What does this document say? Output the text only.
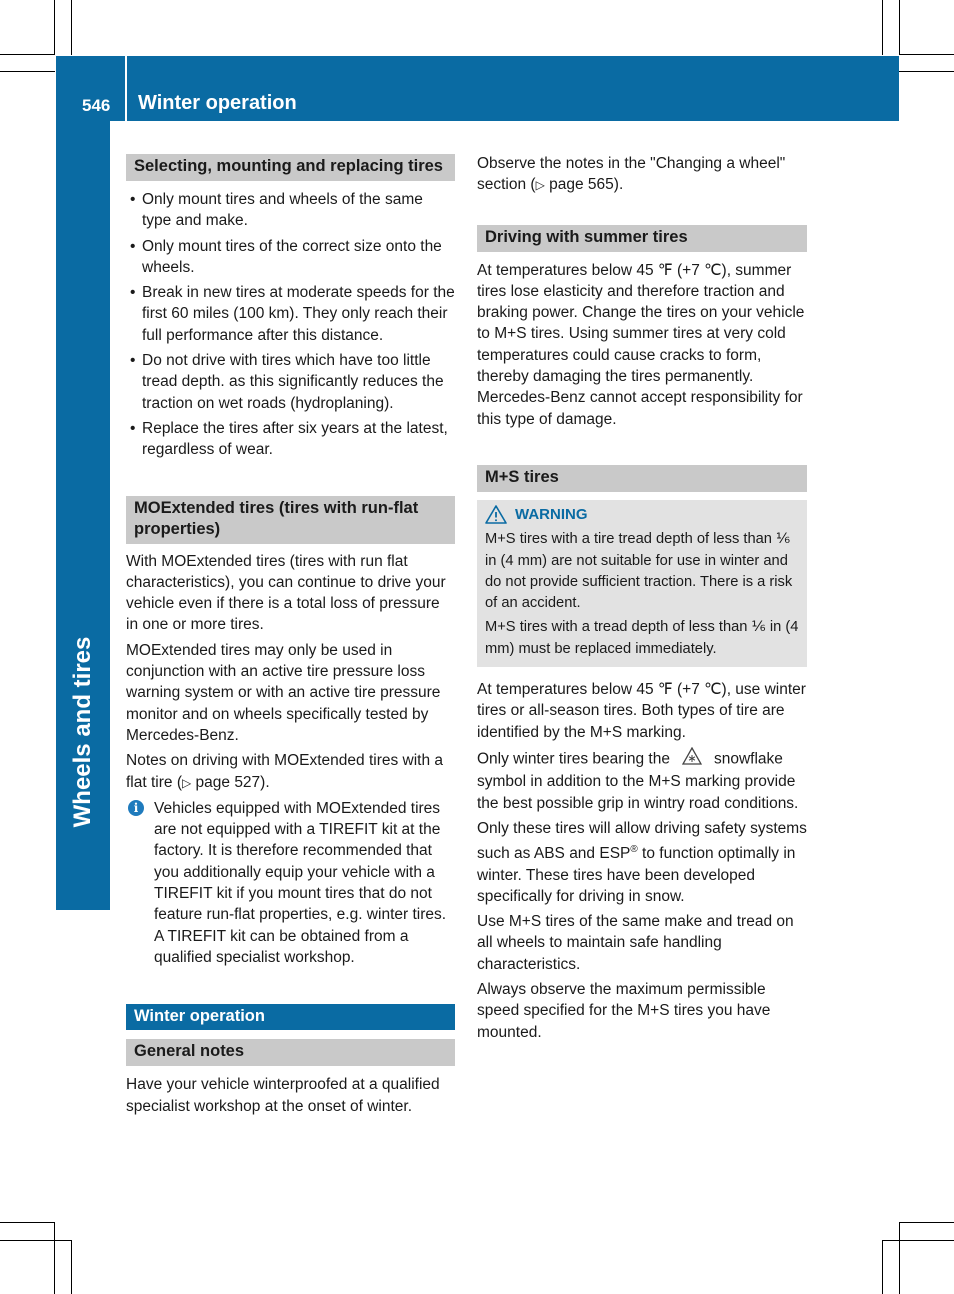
546 Winter operation
Wheels and tires
Selecting, mounting and replacing tires
• Only mount tires and wheels of the same type and make.
• Only mount tires of the correct size onto the wheels.
• Break in new tires at moderate speeds for the first 60 miles (100 km). They only reach their full performance after this distance.
• Do not drive with tires which have too little tread depth. as this significantly reduces the traction on wet roads (hydroplaning).
• Replace the tires after six years at the latest, regardless of wear.
MOExtended tires (tires with run-flat properties)

With MOExtended tires (tires with run flat characteristics), you can continue to drive your vehicle even if there is a total loss of pressure in one or more tires.

MOExtended tires may only be used in conjunction with an active tire pressure loss warning system or with an active tire pressure monitor and on wheels specifically tested by Mercedes-Benz.

Notes on driving with MOExtended tires with a flat tire (▷ page 527).

i	Vehicles equipped with MOExtended tires are not equipped with a TIREFIT kit at the factory. It is therefore recommended that you additionally equip your vehicle with a TIREFIT kit if you mount tires that do not feature run-flat properties, e.g. winter tires. A TIREFIT kit can be obtained from a qualified specialist workshop.
Winter operation
General notes

Have your vehicle winterproofed at a qualified specialist workshop at the onset of winter.

Observe the notes in the "Changing a wheel" section (▷ page 565).

Driving with summer tires

At temperatures below 45 ℉ (+7 ℃), summer tires lose elasticity and therefore traction and braking power. Change the tires on your vehicle to M+S tires. Using summer tires at very cold temperatures could cause cracks to form, thereby damaging the tires permanently. Mercedes-Benz cannot accept responsibility for this type of damage.

M+S tires
WARNING

M+S tires with a tire tread depth of less than ⅙ in (4 mm) are not suitable for use in winter and do not provide sufficient traction. There is a risk of an accident.

M+S tires with a tread depth of less than ⅙ in (4 mm) must be replaced immediately.

At temperatures below 45 ℉ (+7 ℃), use winter tires or all-season tires. Both types of tire are identified by the M+S marking.

Only winter tires bearing the	snowflake symbol in addition to the M+S marking provide the best possible grip in wintry road conditions.

Only these tires will allow driving safety systems such as ABS and ESP® to function optimally in winter. These tires have been developed specifically for driving in snow.

Use M+S tires of the same make and tread on all wheels to maintain safe handling characteristics.

Always observe the maximum permissible speed specified for the M+S tires you have mounted.
